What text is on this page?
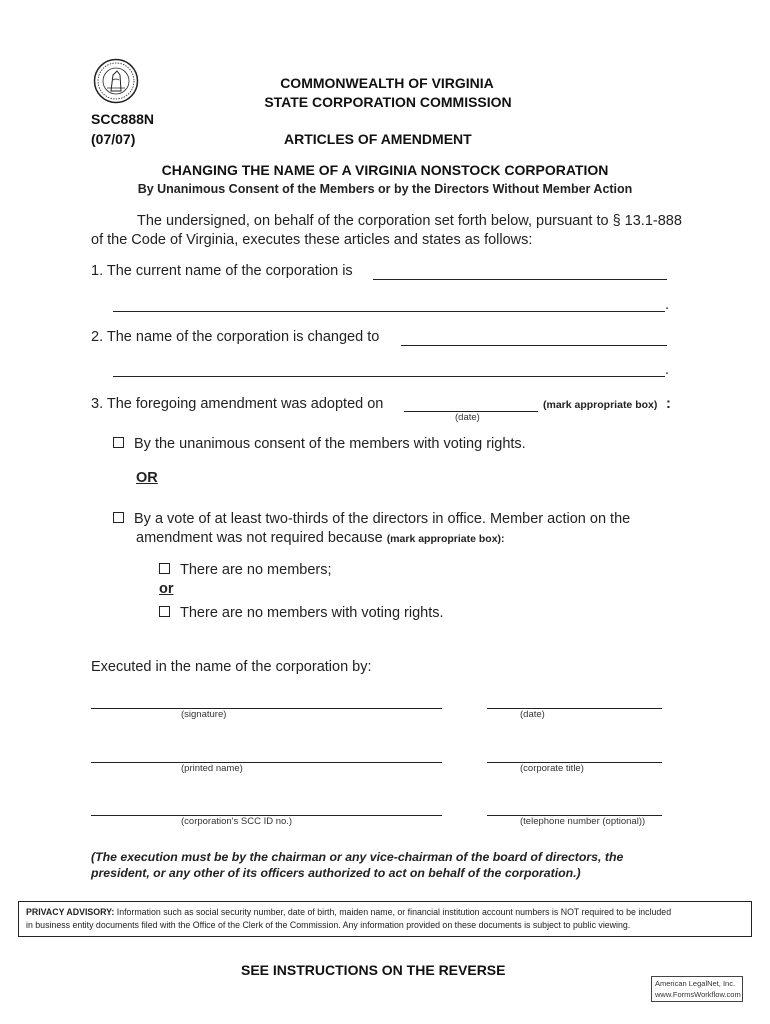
COMMONWEALTH OF VIRGINIA
STATE CORPORATION COMMISSION
SCC888N
(07/07)	ARTICLES OF AMENDMENT
CHANGING THE NAME OF A VIRGINIA NONSTOCK CORPORATION
By Unanimous Consent of the Members or by the Directors Without Member Action
The undersigned, on behalf of the corporation set forth below, pursuant to § 13.1-888
of the Code of Virginia, executes these articles and states as follows:
1. The current name of the corporation is
.
2. The name of the corporation is changed to
.
3. The foregoing amendment was adopted on	(mark appropriate box) :
(date)
By the unanimous consent of the members with voting rights.
OR
By a vote of at least two-thirds of the directors in office. Member action on the
amendment was not required because (mark appropriate box):
There are no members;
or
There are no members with voting rights.
Executed in the name of the corporation by:
(signature)	(date)
(printed name)	(corporate title)
(corporation's SCC ID no.)	(telephone number (optional))
(The execution must be by the chairman or any vice-chairman of the board of directors, the
president, or any other of its officers authorized to act on behalf of the corporation.)
PRIVACY ADVISORY: Information such as social security number, date of birth, maiden name, or financial institution account numbers is NOT required to be included
in business entity documents filed with the Office of the Clerk of the Commission. Any information provided on these documents is subject to public viewing.
SEE INSTRUCTIONS ON THE REVERSE
American LegalNet, Inc.
www.FormsWorkflow.com
